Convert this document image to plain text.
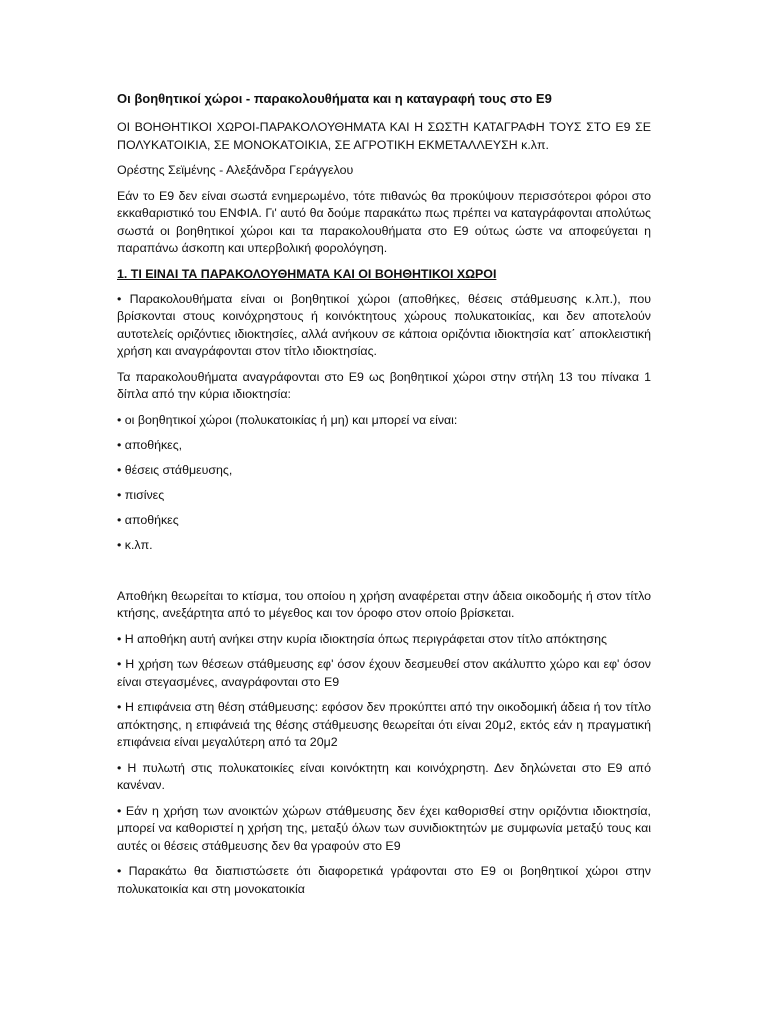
Οι βοηθητικοί χώροι - παρακολουθήματα και η καταγραφή τους στο Ε9

ΟΙ ΒΟΗΘΗΤΙΚΟΙ ΧΩΡΟΙ-ΠΑΡΑΚΟΛΟΥΘΗΜΑΤΑ ΚΑΙ Η ΣΩΣΤΗ ΚΑΤΑΓΡΑΦΗ ΤΟΥΣ ΣΤΟ Ε9 ΣΕ ΠΟΛΥΚΑΤΟΙΚΙΑ, ΣΕ ΜΟΝΟΚΑΤΟΙΚΙΑ, ΣΕ ΑΓΡΟΤΙΚΗ ΕΚΜΕΤΑΛΛΕΥΣΗ κ.λπ.

Ορέστης Σεϊμένης - Αλεξάνδρα Γεράγγελου

Εάν το Ε9 δεν είναι σωστά ενημερωμένο, τότε πιθανώς θα προκύψουν περισσότεροι φόροι στο εκκαθαριστικό του ΕΝΦΙΑ. Γι' αυτό θα δούμε παρακάτω πως πρέπει να καταγράφονται απολύτως σωστά οι βοηθητικοί χώροι και τα παρακολουθήματα στο Ε9 ούτως ώστε να αποφεύγεται η παραπάνω άσκοπη και υπερβολική φορολόγηση.

1. ΤΙ ΕΙΝΑΙ ΤΑ ΠΑΡΑΚΟΛΟΥΘΗΜΑΤΑ ΚΑΙ ΟΙ ΒΟΗΘΗΤΙΚΟΙ ΧΩΡΟΙ

• Παρακολουθήματα είναι οι βοηθητικοί χώροι (αποθήκες, θέσεις στάθμευσης κ.λπ.), που βρίσκονται στους κοινόχρηστους ή κοινόκτητους χώρους πολυκατοικίας, και δεν αποτελούν αυτοτελείς οριζόντιες ιδιοκτησίες, αλλά ανήκουν σε κάποια οριζόντια ιδιοκτησία κατ΄ αποκλειστική χρήση και αναγράφονται στον τίτλο ιδιοκτησίας.

Τα παρακολουθήματα αναγράφονται στο Ε9 ως βοηθητικοί χώροι στην στήλη 13 του πίνακα 1 δίπλα από την κύρια ιδιοκτησία:

• οι βοηθητικοί χώροι (πολυκατοικίας ή μη) και μπορεί να είναι:
• αποθήκες,
• θέσεις στάθμευσης,
• πισίνες
• αποθήκες
• κ.λπ.

Αποθήκη θεωρείται το κτίσμα, του οποίου η χρήση αναφέρεται στην άδεια οικοδομής ή στον τίτλο κτήσης, ανεξάρτητα από το μέγεθος και τον όροφο στον οποίο βρίσκεται.

• Η αποθήκη αυτή ανήκει στην κυρία ιδιοκτησία όπως περιγράφεται στον τίτλο απόκτησης

• Η χρήση των θέσεων στάθμευσης εφ' όσον έχουν δεσμευθεί στον ακάλυπτο χώρο και εφ' όσον είναι στεγασμένες, αναγράφονται στο Ε9

• Η επιφάνεια στη θέση στάθμευσης: εφόσον δεν προκύπτει από την οικοδομική άδεια ή τον τίτλο απόκτησης, η επιφάνειά της θέσης στάθμευσης θεωρείται ότι είναι 20μ2, εκτός εάν η πραγματική επιφάνεια είναι μεγαλύτερη από τα 20μ2

• Η πυλωτή στις πολυκατοικίες είναι κοινόκτητη και κοινόχρηστη. Δεν δηλώνεται στο Ε9 από κανέναν.

• Εάν η χρήση των ανοικτών χώρων στάθμευσης δεν έχει καθορισθεί στην οριζόντια ιδιοκτησία, μπορεί να καθοριστεί η χρήση της, μεταξύ όλων των συνιδιοκτητών με συμφωνία μεταξύ τους και αυτές οι θέσεις στάθμευσης δεν θα γραφούν στο Ε9

• Παρακάτω θα διαπιστώσετε ότι διαφορετικά γράφονται στο Ε9 οι βοηθητικοί χώροι στην πολυκατοικία και στη μονοκατοικία
